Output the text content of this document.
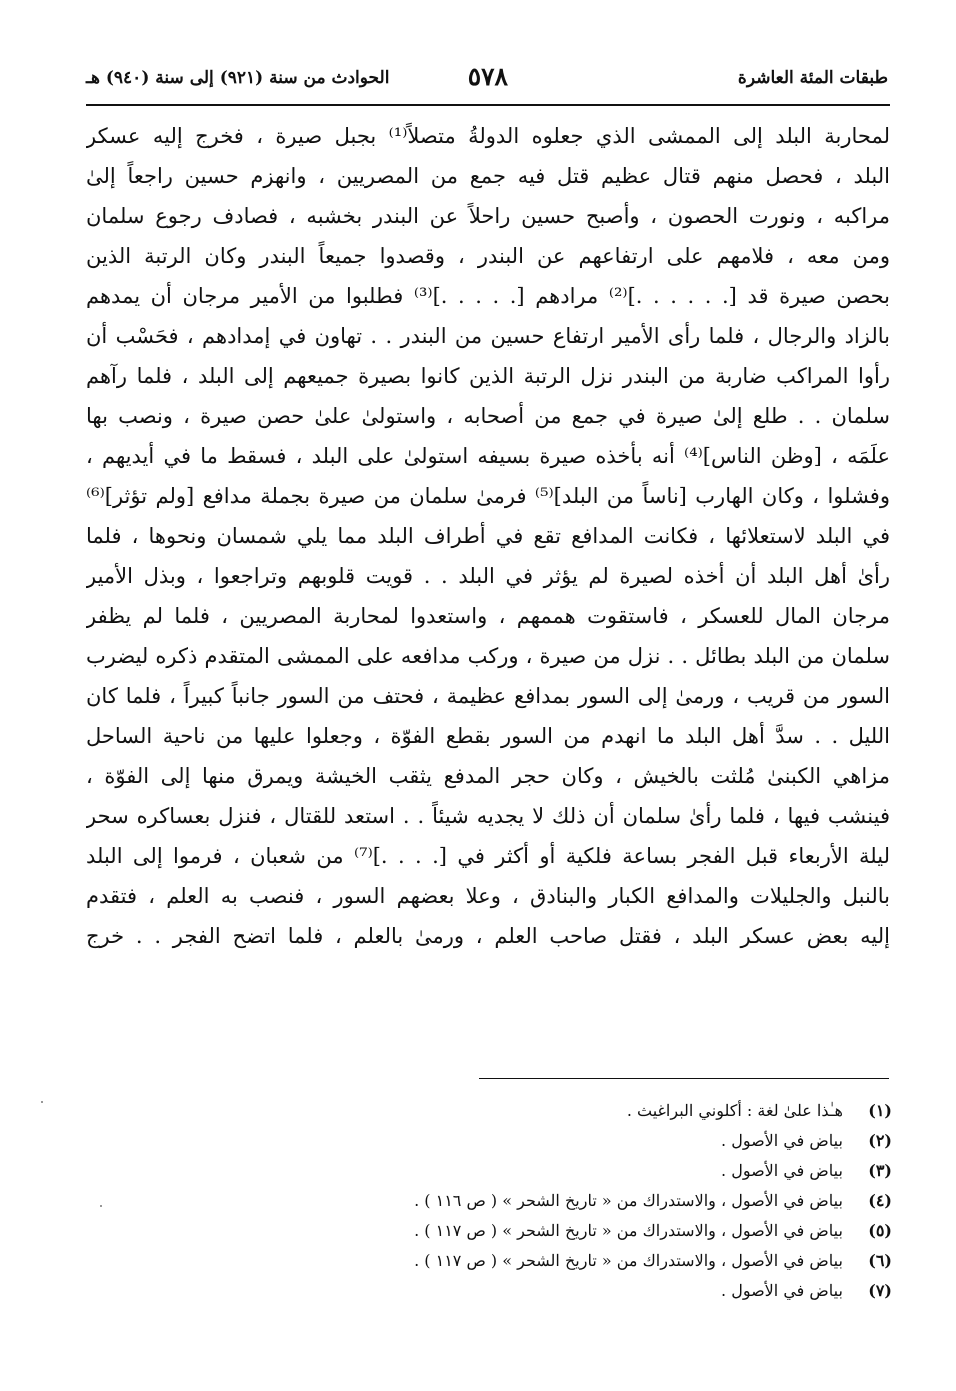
طبقات المئة العاشرة
٥٧٨
الحوادث من سنة (٩٢١) إلى سنة (٩٤٠) هـ

لمحاربة البلد إلى الممشى الذي جعلوه الدولةُ متصلاً⁽¹⁾ بجبل صيرة ، فخرج إليه عسكر

البلد ، فحصل منهم قتال عظيم قتل فيه جمع من المصريين ، وانهزم حسين راجعاً إلىٰ

مراكبه ، ونورت الحصون ، وأصبح حسين راحلاً عن البندر بخشبه ، فصادف رجوع سلمان

ومن معه ، فلامهم على ارتفاعهم عن البندر ، وقصدوا جميعاً البندر وكان الرتبة الذين

بحصن صيرة قد [. . . . . .]⁽²⁾ مرادهم [. . . . .]⁽³⁾ فطلبوا من الأمير مرجان أن يمدهم

بالزاد والرجال ، فلما رأى الأمير ارتفاع حسين من البندر . . تهاون في إمدادهم ، فحَسْب أن

رأوا المراكب ضاربة من البندر نزل الرتبة الذين كانوا بصيرة جميعهم إلى البلد ، فلما رآهم

سلمان . . طلع إلىٰ صيرة في جمع من أصحابه ، واستولىٰ علىٰ حصن صيرة ، ونصب بها

علَمَه ، [وظن الناس]⁽⁴⁾ أنه بأخذه صيرة بسيفه استولىٰ على البلد ، فسقط ما في أيديهم ،

وفشلوا ، وكان الهارب [ناساً من البلد]⁽⁵⁾ فرمىٰ سلمان من صيرة بجملة مدافع [ولم تؤثر]⁽⁶⁾

في البلد لاستعلائها ، فكانت المدافع تقع في أطراف البلد مما يلي شمسان ونحوها ، فلما

رأىٰ أهل البلد أن أخذه لصيرة لم يؤثر في البلد . . قويت قلوبهم وتراجعوا ، وبذل الأمير

مرجان المال للعسكر ، فاستقوت هممهم ، واستعدوا لمحاربة المصريين ، فلما لم يظفر

سلمان من البلد بطائل . . نزل من صيرة ، وركب مدافعه على الممشى المتقدم ذكره ليضرب

السور من قريب ، ورمىٰ إلى السور بمدافع عظيمة ، فحتف من السور جانباً كبيراً ، فلما كان

الليل . . سدَّ أهل البلد ما انهدم من السور بقطع الفوّة ، وجعلوا عليها من ناحية الساحل

مزاهي الكبنىٰ مُلثت بالخيش ، وكان حجر المدفع يثقب الخيشة ويمرق منها إلى الفوّة ،

فينشب فيها ، فلما رأىٰ سلمان أن ذلك لا يجديه شيئاً . . استعد للقتال ، فنزل بعساكره سحر

ليلة الأربعاء قبل الفجر بساعة فلكية أو أكثر في [. . . .]⁽⁷⁾ من شعبان ، فرموا إلى البلد

بالنبل والجليلات والمدافع الكبار والبنادق ، وعلا بعضهم السور ، فنصب به العلم ، فتقدم

إليه بعض عسكر البلد ، فقتل صاحب العلم ، ورمىٰ بالعلم ، فلما اتضح الفجر . . خرج

(١) هـٰذا علىٰ لغة : أكلوني البراغيث .
(٢) بياض في الأصول .
(٣) بياض في الأصول .
(٤) بياض في الأصول ، والاستدراك من « تاريخ الشحر » ( ص ١١٦ ) .
(٥) بياض في الأصول ، والاستدراك من « تاريخ الشحر » ( ص ١١٧ ) .
(٦) بياض في الأصول ، والاستدراك من « تاريخ الشحر » ( ص ١١٧ ) .
(٧) بياض في الأصول .
